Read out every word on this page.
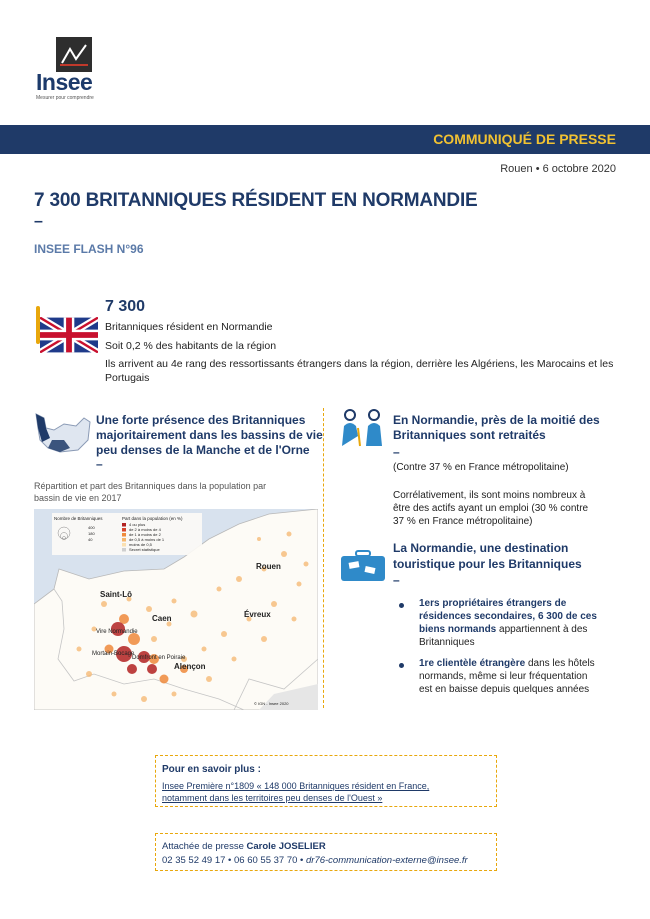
Insee
Mesurer pour comprendre
COMMUNIQUÉ DE PRESSE
Rouen • 6 octobre 2020
7 300 BRITANNIQUES RÉSIDENT EN NORMANDIE
–
INSEE FLASH N°96
7 300
Britanniques résident en Normandie
Soit 0,2 % des habitants de la région
Ils arrivent au 4e rang des ressortissants étrangers dans la région, derrière les Algériens, les Marocains et les Portugais
Une forte présence des Britanniques
majoritairement dans les bassins de vie
peu denses de la Manche et de l'Orne
–
Répartition et part des Britanniques dans la population par
bassin de vie en 2017
Nombre de Britanniques
400
180
40
Part dans la population (en %)
4 ou plus
de 2 à moins de 4
de 1 à moins de 2
de 0,5 à moins de 1
moins de 0,5
Secret statistique
Saint-Lô
Caen
Rouen
Évreux
Vire Normandie
Mortain-Bocage
Domfront en Poiraie
Alençon
© IGN - Insee 2020
En Normandie, près de la moitié des
Britanniques sont retraités
–
(Contre 37 % en France métropolitaine)
Corrélativement, ils sont moins nombreux à
être des actifs ayant un emploi (30 % contre
37 % en France métropolitaine)
La Normandie, une destination
touristique pour les Britanniques
–
1ers propriétaires étrangers de
résidences secondaires, 6 300 de ces
biens normands appartiennent à des
Britanniques
1re clientèle étrangère dans les hôtels
normands, même si leur fréquentation
est en baisse depuis quelques années
Pour en savoir plus :
Insee Première n°1809 « 148 000 Britanniques résident en France,
notamment dans les territoires peu denses de l'Ouest »
Attachée de presse Carole JOSELIER
02 35 52 49 17 • 06 60 55 37 70 • dr76-communication-externe@insee.fr
